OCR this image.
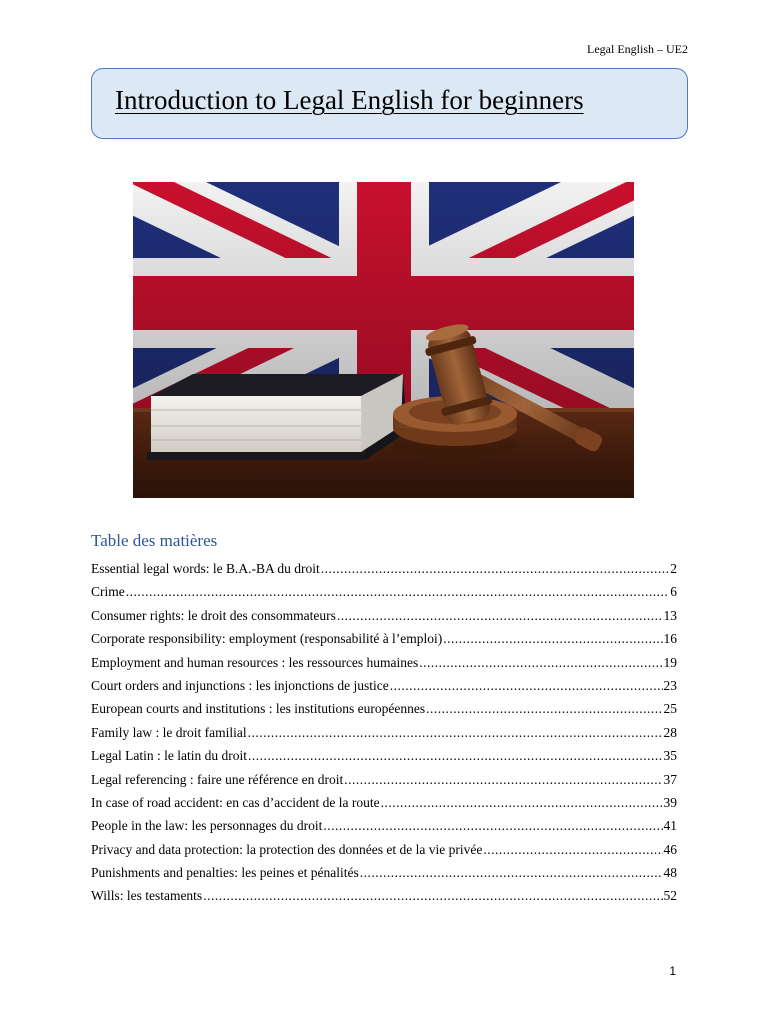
Legal English – UE2
Introduction to Legal English for beginners
Table des matières
Essential legal words: le B.A.-BA du droit .....	2
Crime .....	6
Consumer rights: le droit des consommateurs .....	13
Corporate responsibility: employment (responsabilité à l’emploi) .....	16
Employment and human resources : les ressources humaines .....	19
Court orders and injunctions : les injonctions de justice .....	23
European courts and institutions : les institutions européennes .....	25
Family law : le droit familial .....	28
Legal Latin : le latin du droit .....	35
Legal referencing : faire une référence en droit .....	37
In case of road accident: en cas d’accident de la route .....	39
People in the law: les personnages du droit .....	41
Privacy and data protection: la protection des données et de la vie privée .....	46
Punishments and penalties: les peines et pénalités .....	48
Wills: les testaments .....	52
1
